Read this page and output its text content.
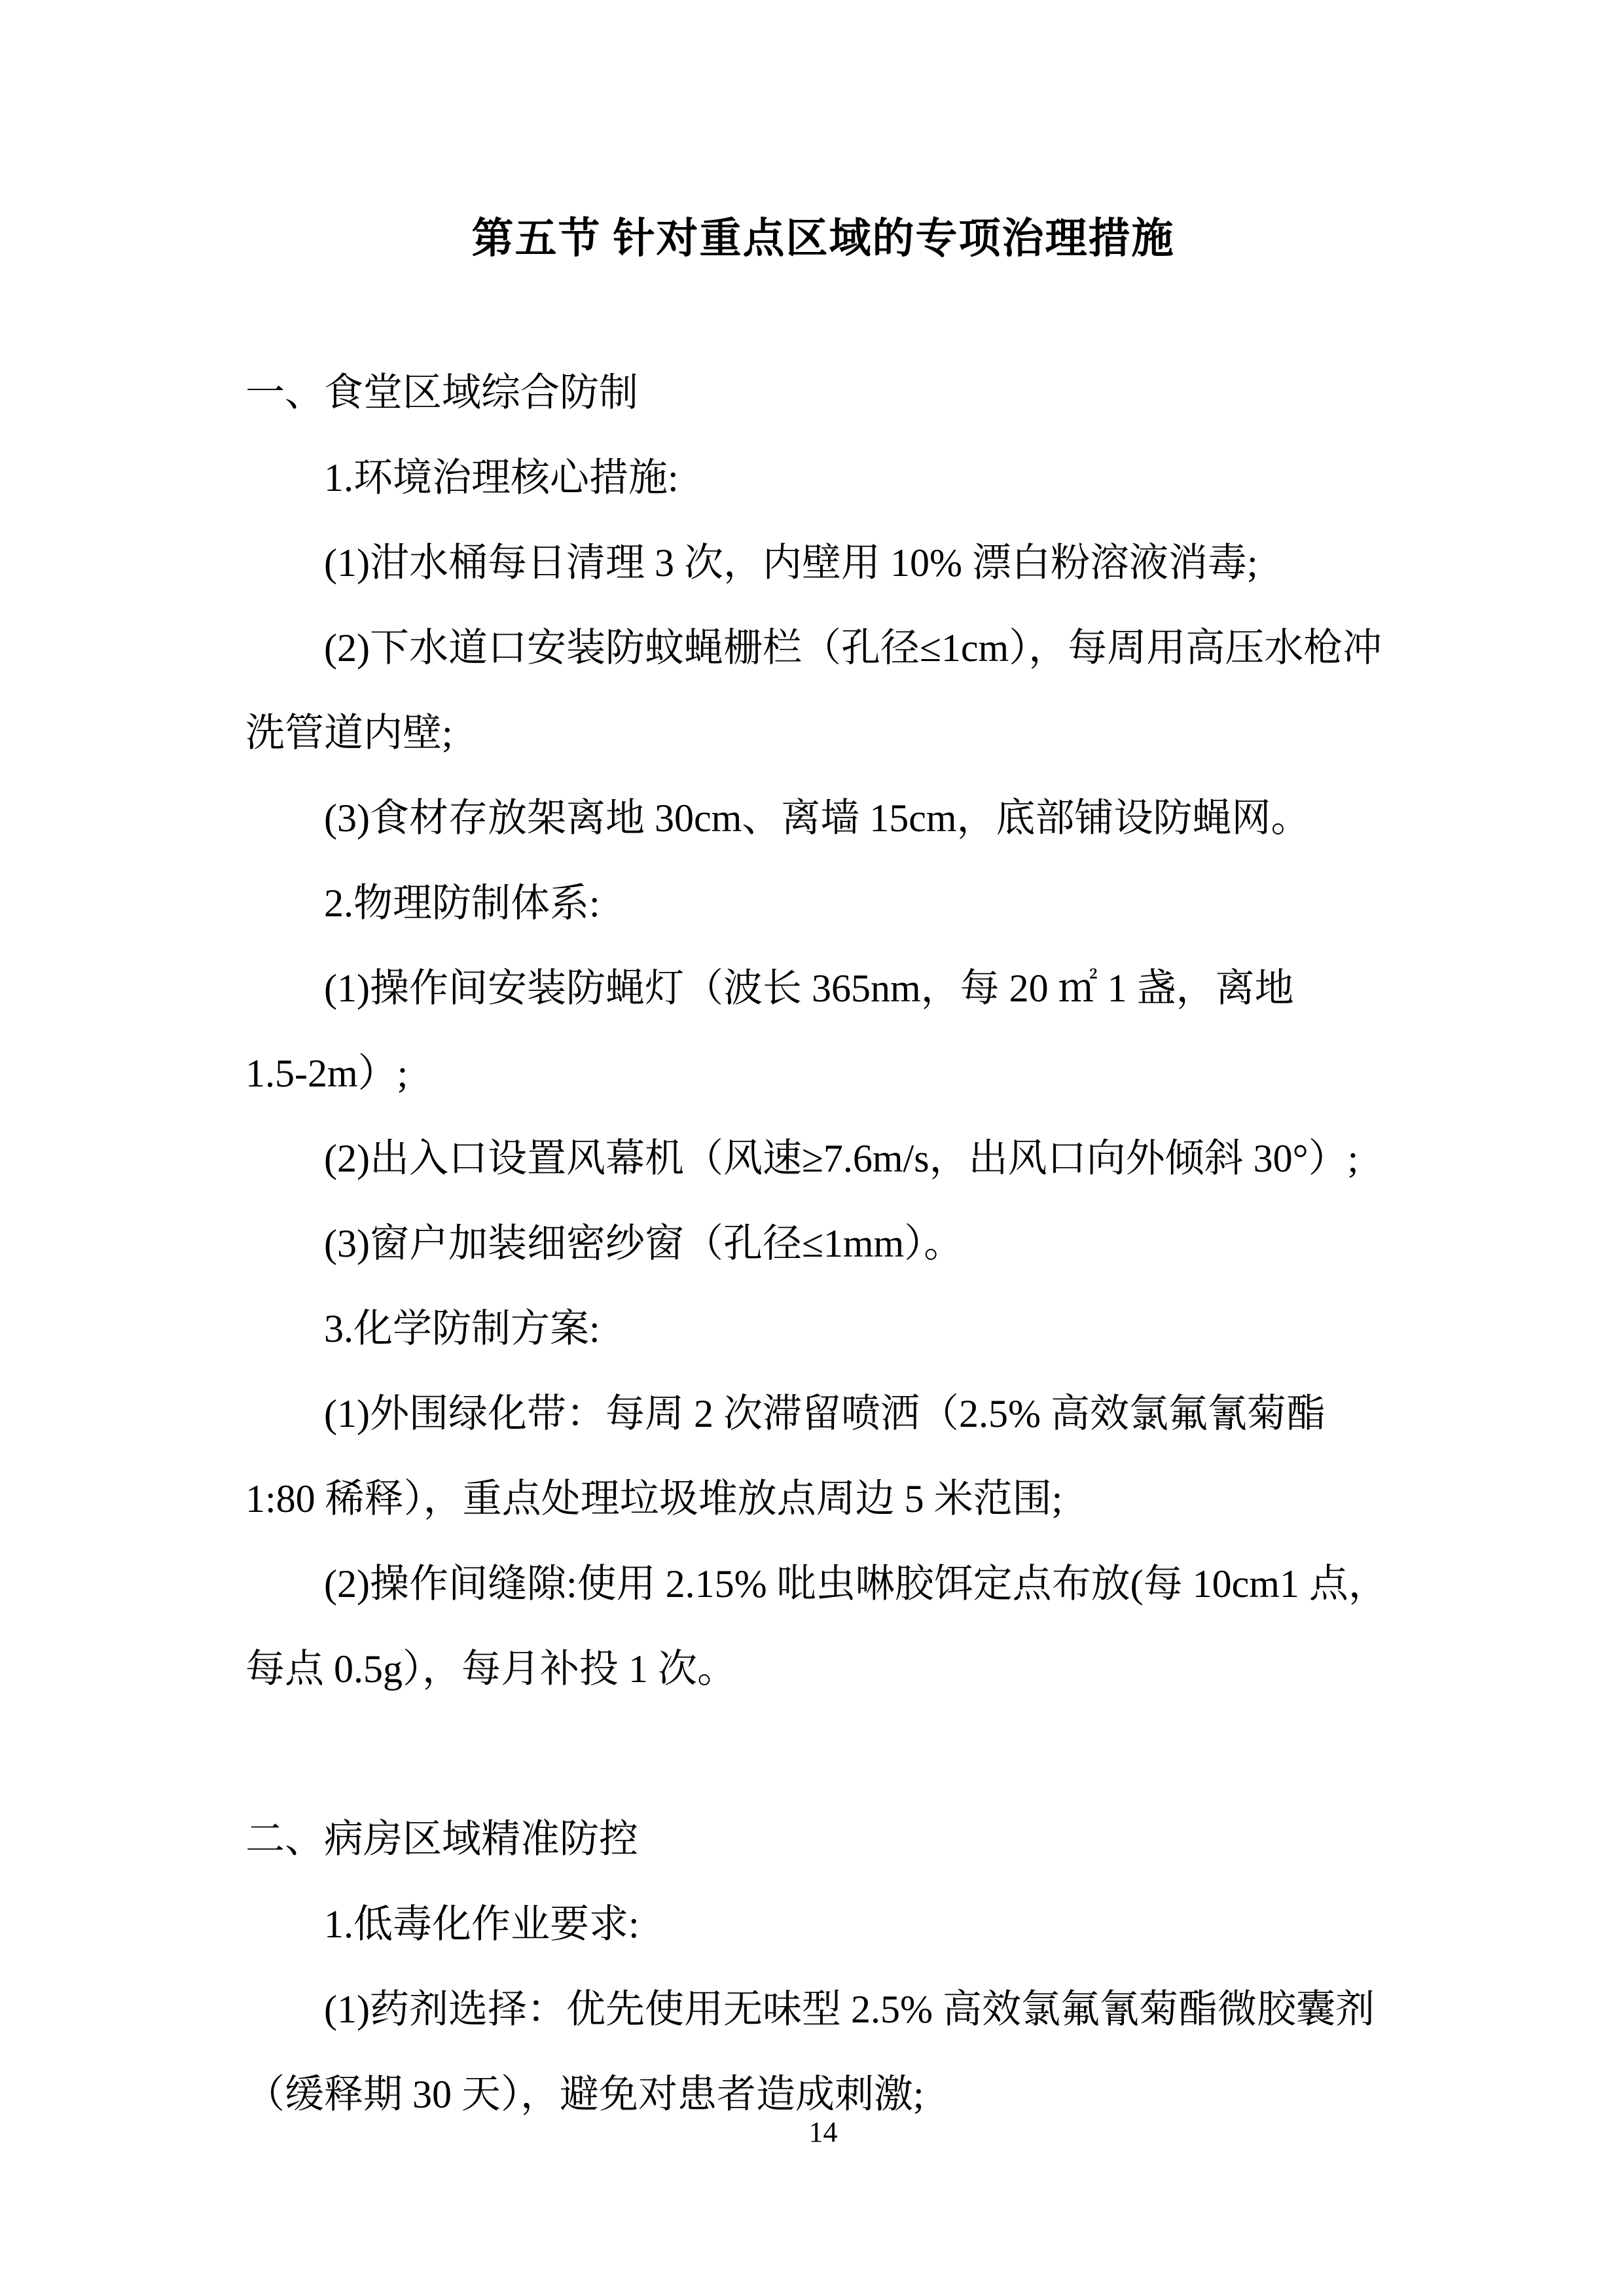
第五节 针对重点区域的专项治理措施

一、食堂区域综合防制

1.环境治理核心措施:

(1)泔水桶每日清理 3 次，内壁用 10% 漂白粉溶液消毒;

(2)下水道口安装防蚊蝇栅栏（孔径≤1cm），每周用高压水枪冲

洗管道内壁;

(3)食材存放架离地 30cm、离墙 15cm，底部铺设防蝇网。

2.物理防制体系:

(1)操作间安装防蝇灯（波长 365nm，每 20 ㎡ 1 盏，离地

1.5-2m）;

(2)出入口设置风幕机（风速≥7.6m/s，出风口向外倾斜 30°）;

(3)窗户加装细密纱窗（孔径≤1mm）。

3.化学防制方案:

(1)外围绿化带：每周 2 次滞留喷洒（2.5% 高效氯氟氰菊酯

1:80 稀释），重点处理垃圾堆放点周边 5 米范围;

(2)操作间缝隙:使用 2.15% 吡虫啉胶饵定点布放(每 10cm1 点，

每点 0.5g），每月补投 1 次。

二、病房区域精准防控

1.低毒化作业要求:

(1)药剂选择：优先使用无味型 2.5% 高效氯氟氰菊酯微胶囊剂

（缓释期 30 天），避免对患者造成刺激;

14
